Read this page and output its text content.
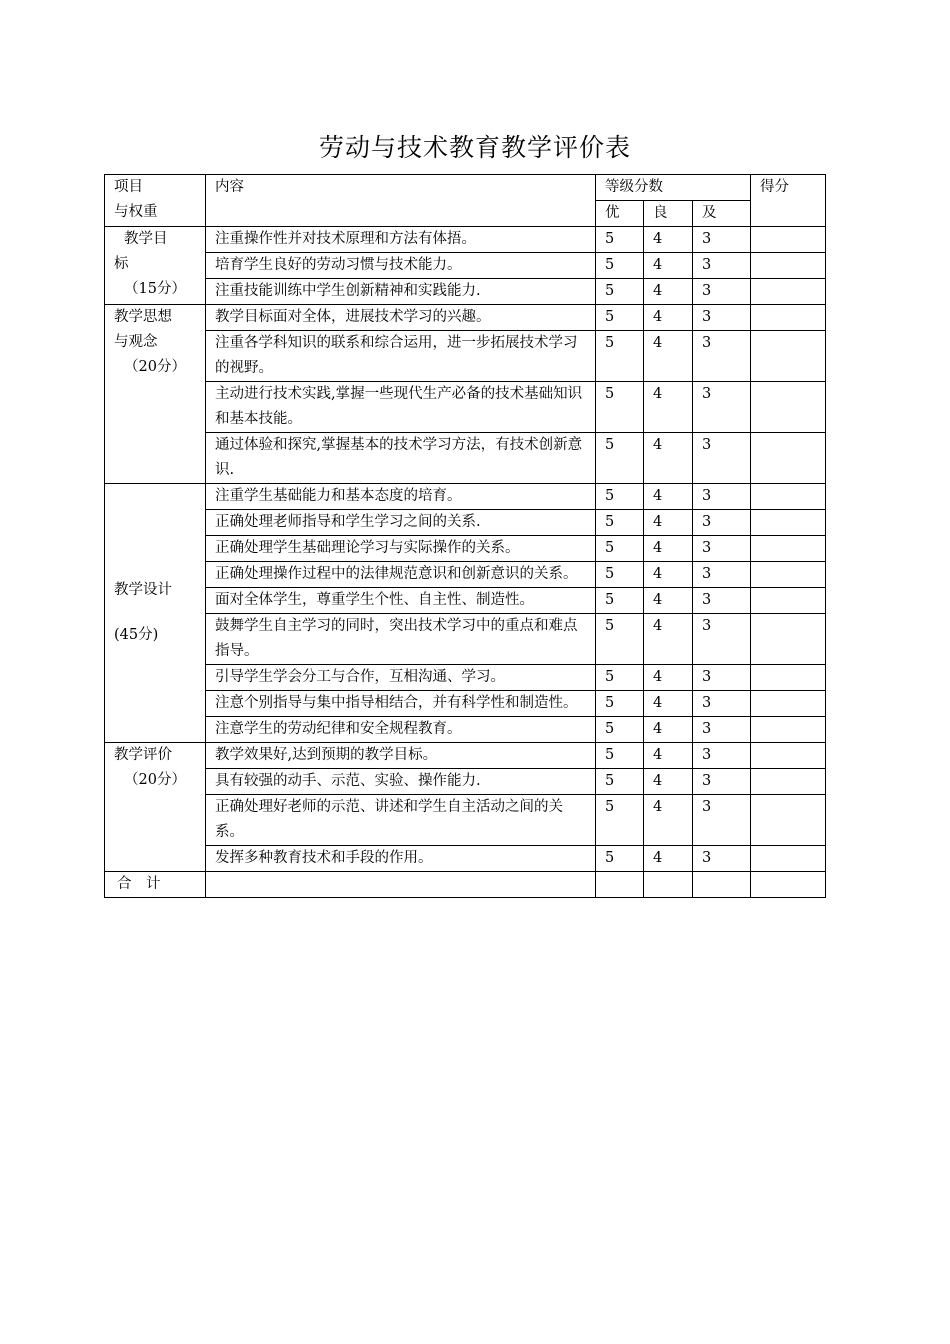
劳动与技术教育教学评价表
项目
与权重	内容	等级分数			得分
		优	良	及	

教学目
标
（15分）	注重操作性并对技术原理和方法有体捂。	5	4	3	
	培育学生良好的劳动习惯与技术能力。	5	4	3	
	注重技能训练中学生创新精神和实践能力.	5	4	3	

教学思想
与观念
（20分）	教学目标面对全体，进展技术学习的兴趣。	5	4	3	
	注重各学科知识的联系和综合运用，进一步拓展技术学习的视野。	5	4	3	
	主动进行技术实践,掌握一些现代生产必备的技术基础知识和基本技能。	5	4	3	
	通过体验和探究,掌握基本的技术学习方法，有技术创新意识.	5	4	3	

教学设计
(45分)	注重学生基础能力和基本态度的培育。	5	4	3	
	正确处理老师指导和学生学习之间的关系.	5	4	3	
	正确处理学生基础理论学习与实际操作的关系。	5	4	3	
	正确处理操作过程中的法律规范意识和创新意识的关系。	5	4	3	
	面对全体学生，尊重学生个性、自主性、制造性。	5	4	3	
	鼓舞学生自主学习的同时，突出技术学习中的重点和难点指导。	5	4	3	
	引导学生学会分工与合作，互相沟通、学习。	5	4	3	
	注意个别指导与集中指导相结合，并有科学性和制造性。	5	4	3	
	注意学生的劳动纪律和安全规程教育。	5	4	3	

教学评价
（20分）	教学效果好,达到预期的教学目标。	5	4	3	
	具有较强的动手、示范、实验、操作能力.	5	4	3	
	正确处理好老师的示范、讲述和学生自主活动之间的关系。	5	4	3	
	发挥多种教育技术和手段的作用。	5	4	3	
合　计					
